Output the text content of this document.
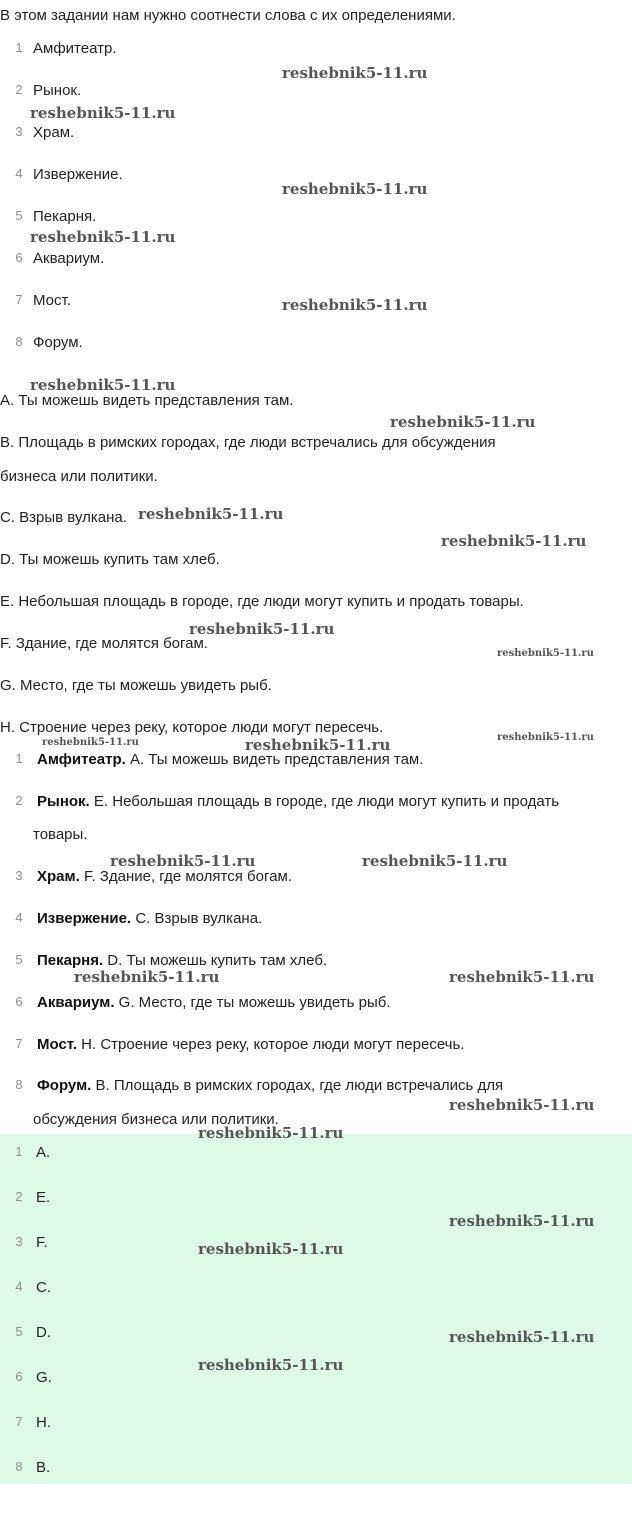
В этом задании нам нужно соотнести слова с их определениями.
1 Амфитеатр.
2 Рынок.
3 Храм.
4 Извержение.
5 Пекарня.
6 Аквариум.
7 Мост.
8 Форум.
A. Ты можешь видеть представления там.
B. Площадь в римских городах, где люди встречались для обсуждения
бизнеса или политики.
C. Взрыв вулкана.
D. Ты можешь купить там хлеб.
E. Небольшая площадь в городе, где люди могут купить и продать товары.
F. Здание, где молятся богам.
G. Место, где ты можешь увидеть рыб.
H. Строение через реку, которое люди могут пересечь.
1 Амфитеатр. A. Ты можешь видеть представления там.
2 Рынок. E. Небольшая площадь в городе, где люди могут купить и продать
товары.
3 Храм. F. Здание, где молятся богам.
4 Извержение. C. Взрыв вулкана.
5 Пекарня. D. Ты можешь купить там хлеб.
6 Аквариум. G. Место, где ты можешь увидеть рыб.
7 Мост. H. Строение через реку, которое люди могут пересечь.
8 Форум. B. Площадь в римских городах, где люди встречались для
обсуждения бизнеса или политики.
1 A.
2 E.
3 F.
4 C.
5 D.
6 G.
7 H.
8 B.
reshebnik5-11.ru
reshebnik5-11.ru
reshebnik5-11.ru
reshebnik5-11.ru
reshebnik5-11.ru
reshebnik5-11.ru
reshebnik5-11.ru
reshebnik5-11.ru
reshebnik5-11.ru
reshebnik5-11.ru
reshebnik5-11.ru
reshebnik5-11.ru	reshebnik5-11.ru	reshebnik5-11.ru
reshebnik5-11.ru	reshebnik5-11.ru
reshebnik5-11.ru	reshebnik5-11.ru
reshebnik5-11.ru
reshebnik5-11.ru
reshebnik5-11.ru
reshebnik5-11.ru
reshebnik5-11.ru
reshebnik5-11.ru
